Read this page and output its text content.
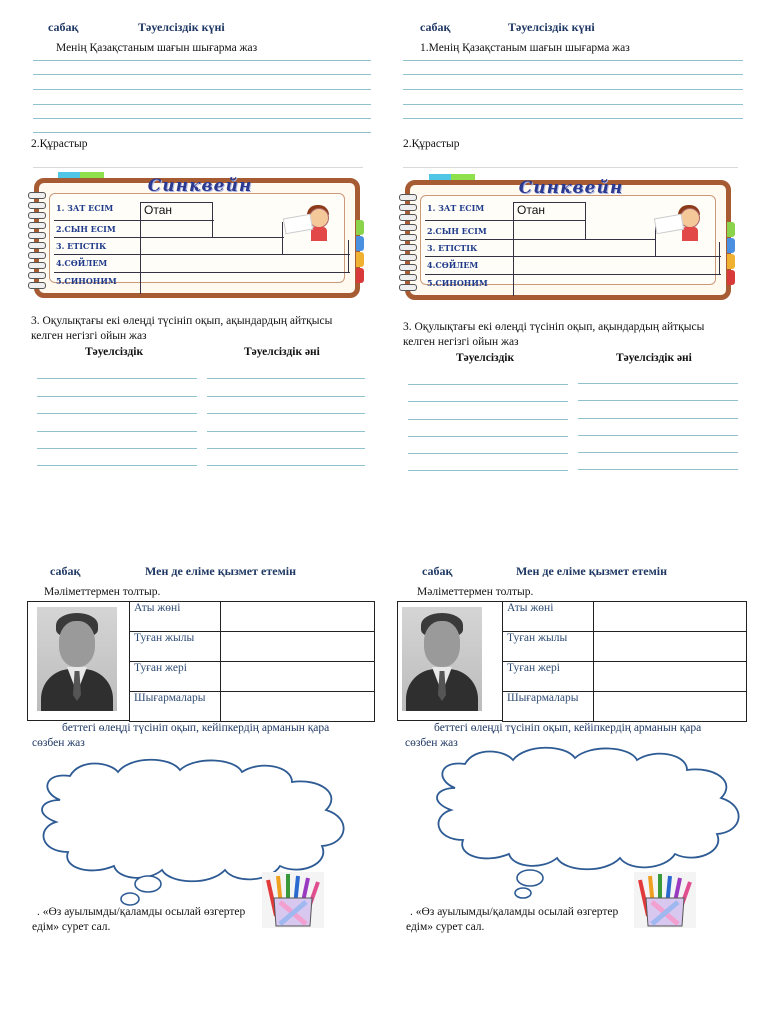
сабақ	Тәуелсіздік күні
Менің Қазақстаным шағын шығарма жаз
2.Құрастыр
Синквейн
1. ЗАТ ЕСІМ
2.СЫН ЕСІМ
3. ЕТІСТІК
4.СӨЙЛЕМ
5.СИНОНИМ
Отан
3. Оқулықтағы екі өлеңді түсініп оқып, ақындардың айтқысы
келген негізгі ойын жаз
Тәуелсіздік	Тәуелсіздік әні
сабақ	Тәуелсіздік күні
1.Менің Қазақстаным шағын шығарма жаз
2.Құрастыр
Синквейн
1. ЗАТ ЕСІМ
2.СЫН ЕСІМ
3. ЕТІСТІК
4.СӨЙЛЕМ
5.СИНОНИМ
Отан
3. Оқулықтағы екі өлеңді түсініп оқып, ақындардың айтқысы
келген негізгі ойын жаз
Тәуелсіздік	Тәуелсіздік әні
сабақ	Мен де еліме қызмет етемін
Мәліметтермен толтыр.
Аты жөні	
Туған жылы	
Туған жері	
Шығармалары	
беттегі өлеңді түсініп оқып, кейіпкердің арманын қара
сөзбен жаз
. «Өз ауылымды/қаламды осылай өзгертер
едім» сурет сал.
сабақ	Мен де еліме қызмет етемін
Мәліметтермен толтыр.
Аты жөні	
Туған жылы	
Туған жері	
Шығармалары	
беттегі өлеңді түсініп оқып, кейіпкердің арманын қара
сөзбен жаз
. «Өз ауылымды/қаламды осылай өзгертер
едім» сурет сал.
